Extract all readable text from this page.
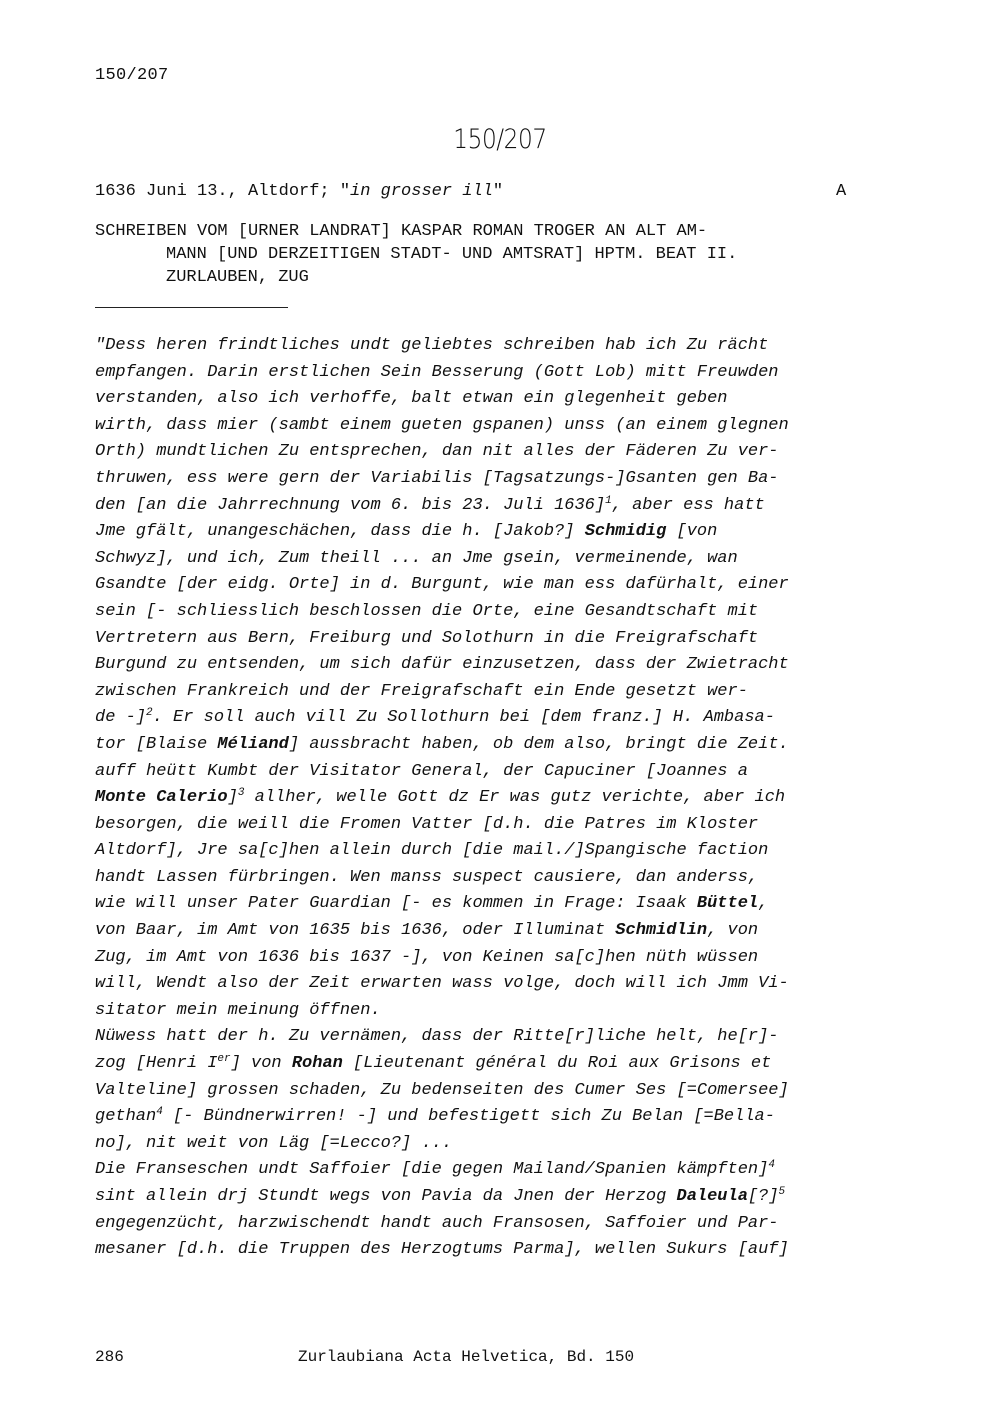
150/207
150/207
1636 Juni 13., Altdorf; "in grosser ill"	A
SCHREIBEN VOM [URNER LANDRAT] KASPAR ROMAN TROGER AN ALT AM-
MANN [UND DERZEITIGEN STADT- UND AMTSRAT] HPTM. BEAT II.
ZURLAUBEN, ZUG
"Dess heren frindtliches undt geliebtes schreiben hab ich Zu rächt
empfangen. Darin erstlichen Sein Besserung (Gott Lob) mitt Freuwden
verstanden, also ich verhoffe, balt etwan ein glegenheit geben
wirth, dass mier (sambt einem gueten gspanen) unss (an einem glegnen
Orth) mundtlichen Zu entsprechen, dan nit alles der Fäderen Zu ver-
thruwen, ess were gern der Variabilis [Tagsatzungs-]Gsanten gen Ba-
den [an die Jahrrechnung vom 6. bis 23. Juli 1636]$^1$, aber ess hatt
Jme gfält, unangeschächen, dass die h. [Jakob?] Schmidig [von
Schwyz], und ich, Zum theill ... an Jme gsein, vermeinende, wan
Gsandte [der eidg. Orte] in d. Burgunt, wie man ess dafürhalt, einer
sein [- schliesslich beschlossen die Orte, eine Gesandtschaft mit
Vertretern aus Bern, Freiburg und Solothurn in die Freigrafschaft
Burgund zu entsenden, um sich dafür einzusetzen, dass der Zwietracht
zwischen Frankreich und der Freigrafschaft ein Ende gesetzt wer-
de -]$^2$. Er soll auch vill Zu Sollothurn bei [dem franz.] H. Ambasa-
tor [Blaise Méliand] aussbracht haben, ob dem also, bringt die Zeit.
auff heütt Kumbt der Visitator General, der Capuciner [Joannes a
Monte Calerio]$^3$ allher, welle Gott dz Er was gutz verichte, aber ich
besorgen, die weill die Fromen Vatter [d.h. die Patres im Kloster
Altdorf], Jre sa[c]hen allein durch [die mail./]Spangische faction
handt Lassen fürbringen. Wen manss suspect causiere, dan anderss,
wie will unser Pater Guardian [- es kommen in Frage: Isaak Büttel,
von Baar, im Amt von 1635 bis 1636, oder Illuminat Schmidlin, von
Zug, im Amt von 1636 bis 1637 -], von Keinen sa[c]hen nüth wüssen
will, Wendt also der Zeit erwarten wass volge, doch will ich Jmm Vi-
sitator mein meinung öffnen.
Nüwess hatt der h. Zu vernämen, dass der Ritte[r]liche helt, he[r]-
zog [Henri Ier] von Rohan [Lieutenant général du Roi aux Grisons et
Valteline] grossen schaden, Zu bedenseiten des Cumer Ses [=Comersee]
gethan$^4$ [- Bündnerwirren! -] und befestigett sich Zu Belan [=Bella-
no], nit weit von Läg [=Lecco?] ...
Die Franseschen undt Saffoier [die gegen Mailand/Spanien kämpften]$^4$
sint allein drj Stundt wegs von Pavia da Jnen der Herzog Daleula[?]$^5$
engegenzücht, harzwischendt handt auch Fransosen, Saffoier und Par-
mesaner [d.h. die Truppen des Herzogtums Parma], wellen Sukurs [auf]
286	Zurlaubiana Acta Helvetica, Bd. 150
